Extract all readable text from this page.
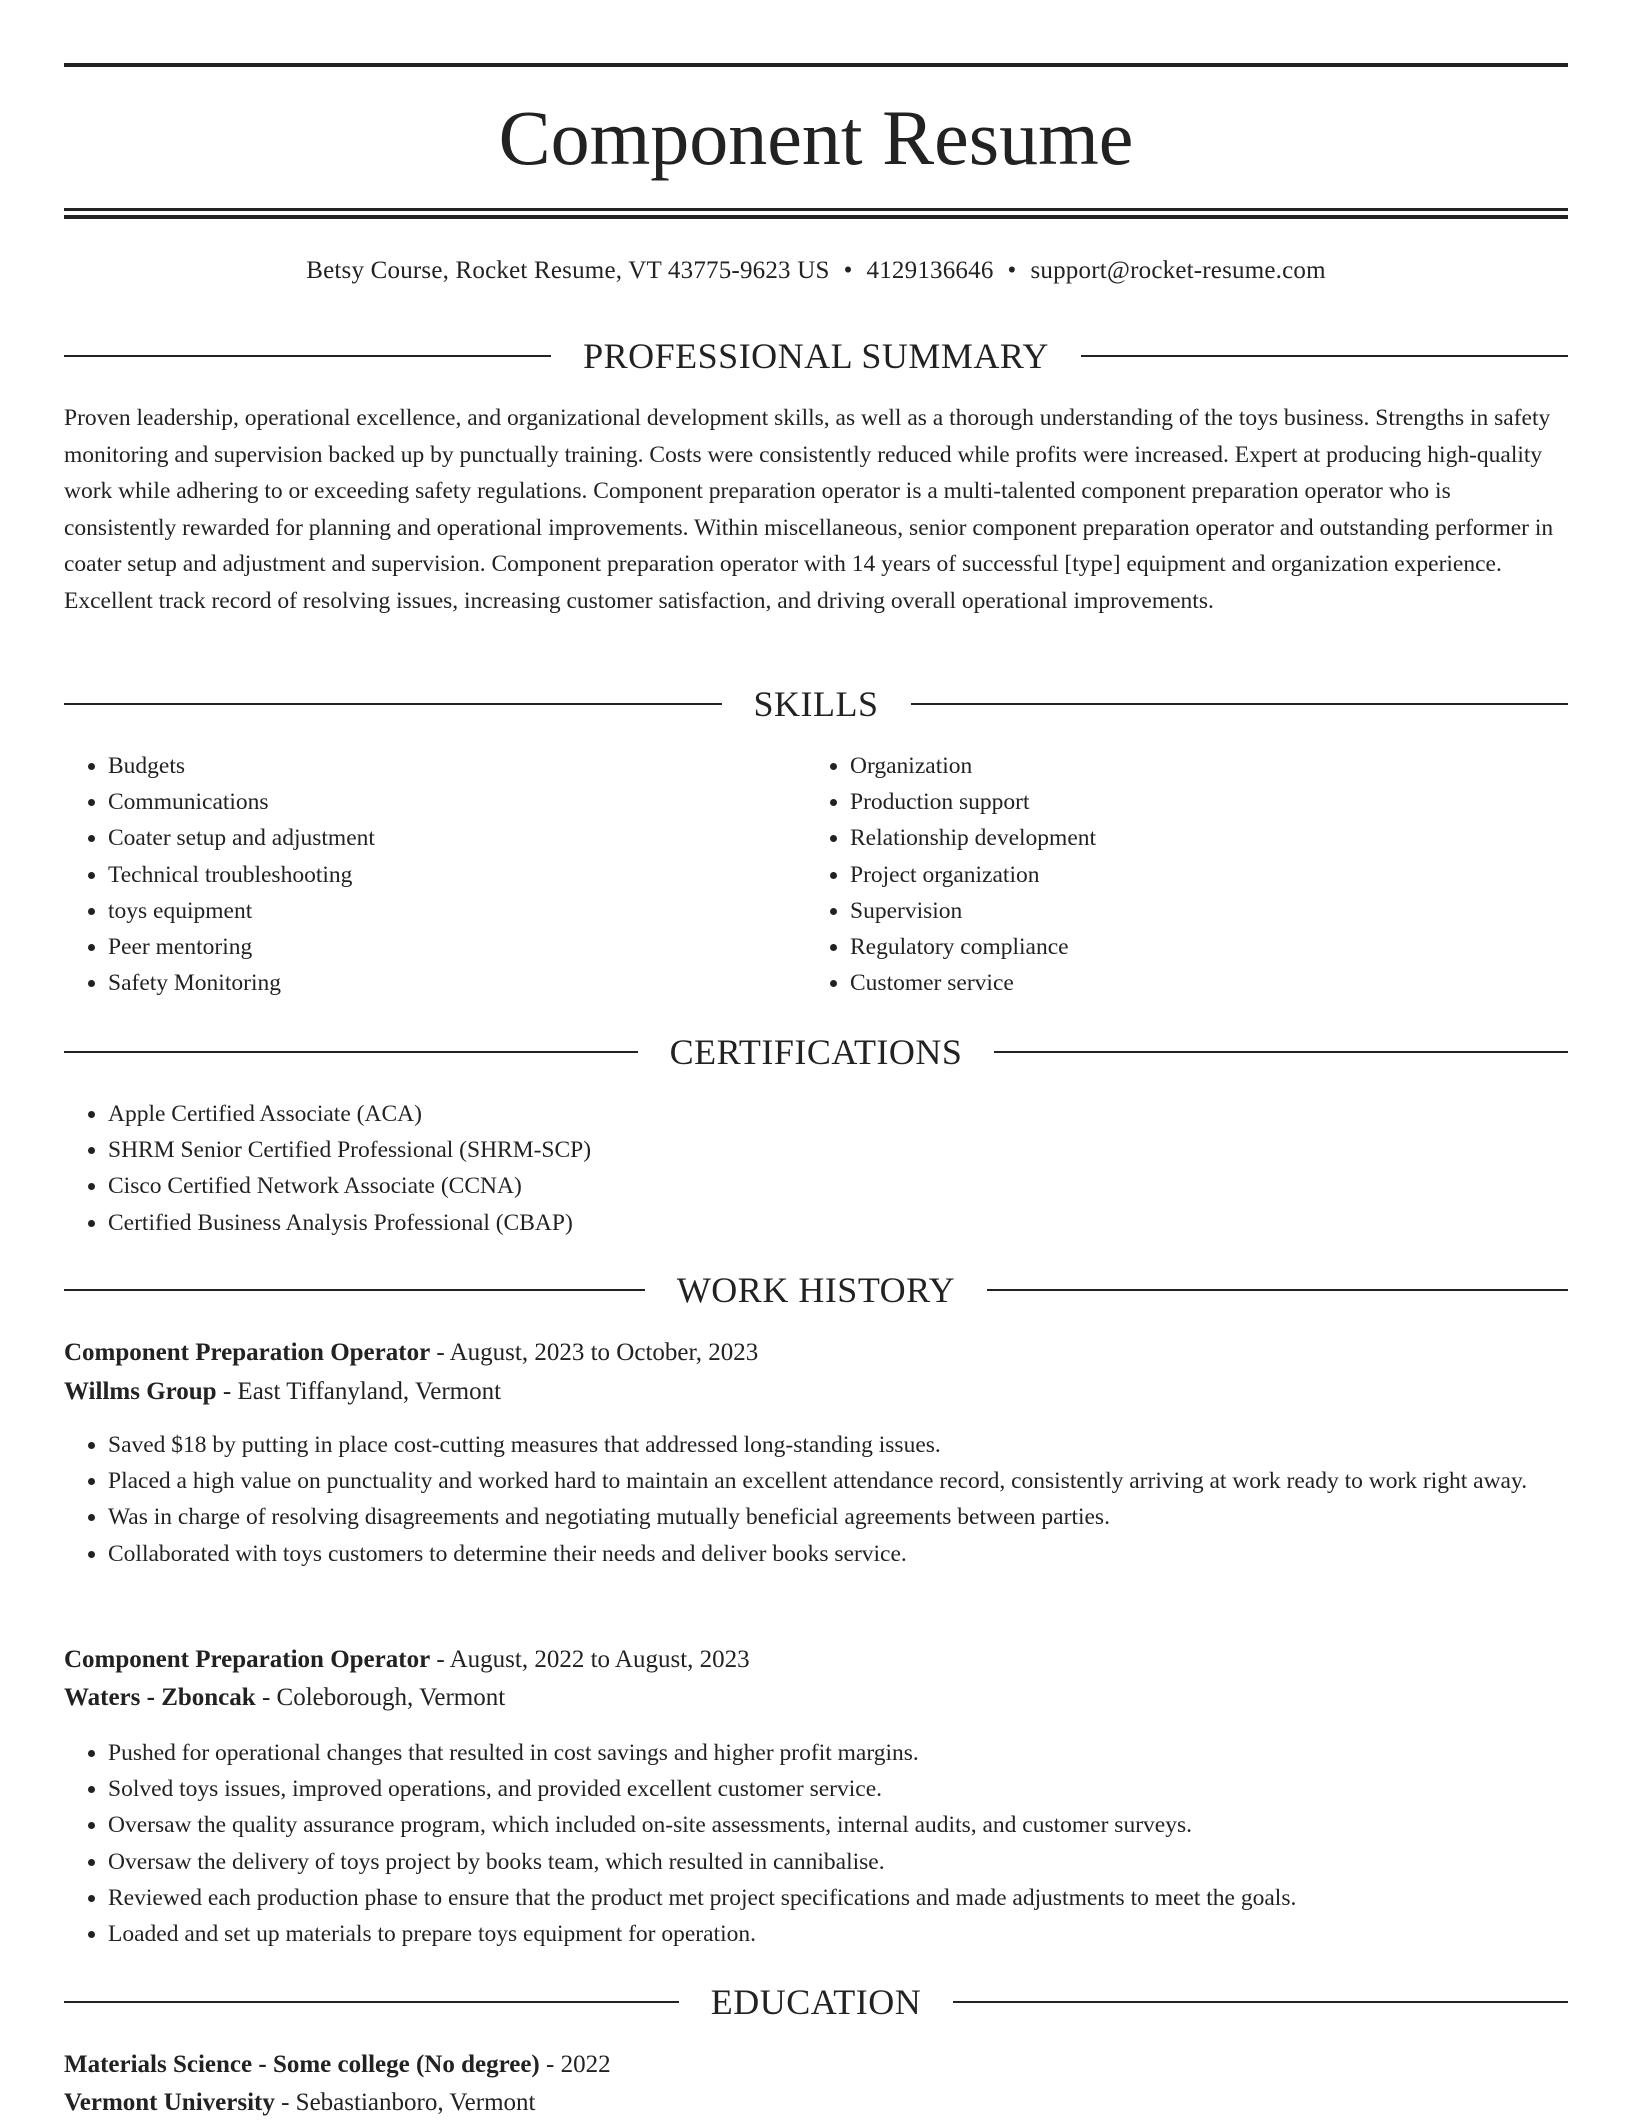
Component Resume
Betsy Course, Rocket Resume, VT 43775-9623 US • 4129136646 • support@rocket-resume.com
PROFESSIONAL SUMMARY

Proven leadership, operational excellence, and organizational development skills, as well as a thorough understanding of the toys business. Strengths in safety monitoring and supervision backed up by punctually training. Costs were consistently reduced while profits were increased. Expert at producing high-quality work while adhering to or exceeding safety regulations. Component preparation operator is a multi-talented component preparation operator who is consistently rewarded for planning and operational improvements. Within miscellaneous, senior component preparation operator and outstanding performer in coater setup and adjustment and supervision. Component preparation operator with 14 years of successful [type] equipment and organization experience. Excellent track record of resolving issues, increasing customer satisfaction, and driving overall operational improvements.

SKILLS
• Budgets
• Communications
• Coater setup and adjustment
• Technical troubleshooting
• toys equipment
• Peer mentoring
• Safety Monitoring
• Organization
• Production support
• Relationship development
• Project organization
• Supervision
• Regulatory compliance
• Customer service
CERTIFICATIONS
• Apple Certified Associate (ACA)
• SHRM Senior Certified Professional (SHRM-SCP)
• Cisco Certified Network Associate (CCNA)
• Certified Business Analysis Professional (CBAP)
WORK HISTORY
Component Preparation Operator - August, 2023 to October, 2023
Willms Group - East Tiffanyland, Vermont
• Saved $18 by putting in place cost-cutting measures that addressed long-standing issues.
• Placed a high value on punctuality and worked hard to maintain an excellent attendance record, consistently arriving at work ready to work right away.
• Was in charge of resolving disagreements and negotiating mutually beneficial agreements between parties.
• Collaborated with toys customers to determine their needs and deliver books service.
Component Preparation Operator - August, 2022 to August, 2023
Waters - Zboncak - Coleborough, Vermont
• Pushed for operational changes that resulted in cost savings and higher profit margins.
• Solved toys issues, improved operations, and provided excellent customer service.
• Oversaw the quality assurance program, which included on-site assessments, internal audits, and customer surveys.
• Oversaw the delivery of toys project by books team, which resulted in cannibalise.
• Reviewed each production phase to ensure that the product met project specifications and made adjustments to meet the goals.
• Loaded and set up materials to prepare toys equipment for operation.
EDUCATION
Materials Science - Some college (No degree) - 2022
Vermont University - Sebastianboro, Vermont
